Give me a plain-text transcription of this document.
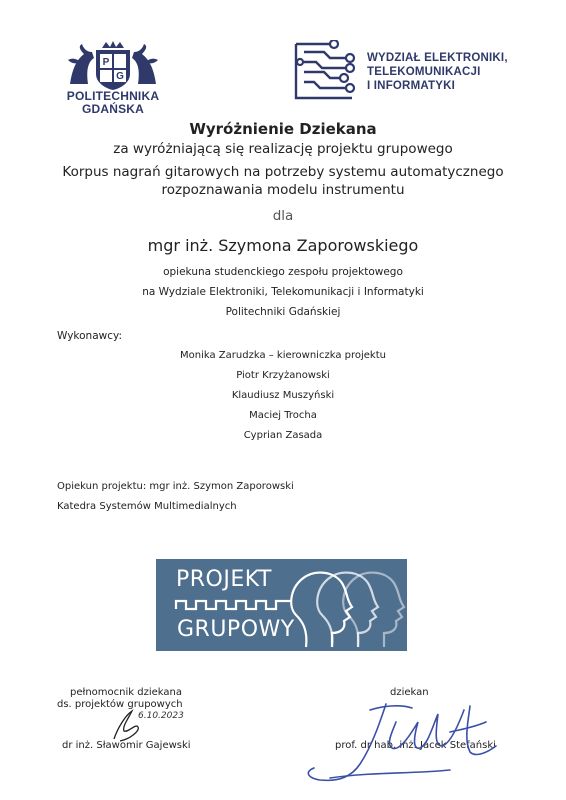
P
G
POLITECHNIKA
GDAŃSKA
WYDZIAŁ ELEKTRONIKI,
TELEKOMUNIKACJI
I INFORMATYKI
Wyróżnienie Dziekana
za wyróżniającą się realizację projektu grupowego
Korpus nagrań gitarowych na potrzeby systemu automatycznego
rozpoznawania modelu instrumentu
dla
mgr inż. Szymona Zaporowskiego
opiekuna studenckiego zespołu projektowego
na Wydziale Elektroniki, Telekomunikacji i Informatyki
Politechniki Gdańskiej
Wykonawcy:
Monika Zarudzka – kierowniczka projektu
Piotr Krzyżanowski
Klaudiusz Muszyński
Maciej Trocha
Cyprian Zasada
Opiekun projektu: mgr inż. Szymon Zaporowski
Katedra Systemów Multimedialnych
PROJEKT
GRUPOWY
pełnomocnik dziekana
ds. projektów grupowych
6.10.2023
dr inż. Sławomir Gajewski
dziekan
prof. dr hab. inż. Jacek Stefański
